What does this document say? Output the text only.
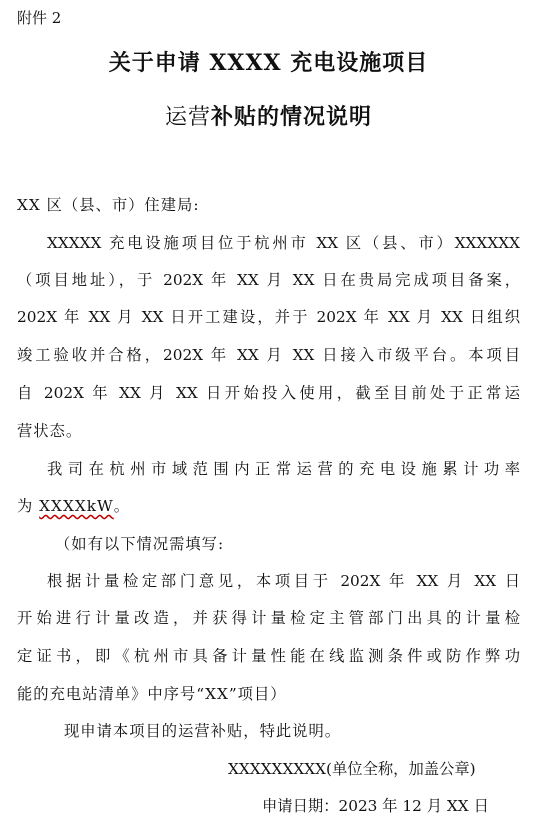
附件 2
关于申请 XXXX 充电设施项目
运营补贴的情况说明
XX 区（县、市）住建局:
XXXXX 充电设施项目位于杭州市 XX 区（县、市）XXXXXX
（项目地址），于 202X 年 XX 月 XX 日在贵局完成项目备案，
202X 年 XX 月 XX 日开工建设，并于 202X 年 XX 月 XX 日组织
竣工验收并合格，202X 年 XX 月 XX 日接入市级平台。本项目
自 202X 年 XX 月 XX 日开始投入使用，截至目前处于正常运
营状态。
我司在杭州市域范围内正常运营的充电设施累计功率
为 XXXXkW。
（如有以下情况需填写:
根据计量检定部门意见，本项目于 202X 年 XX 月 XX 日
开始进行计量改造，并获得计量检定主管部门出具的计量检
定证书，即《杭州市具备计量性能在线监测条件或防作弊功
能的充电站清单》中序号“XX”项目）
现申请本项目的运营补贴，特此说明。
XXXXXXXXX(单位全称，加盖公章)
申请日期：2023 年 12 月 XX 日
